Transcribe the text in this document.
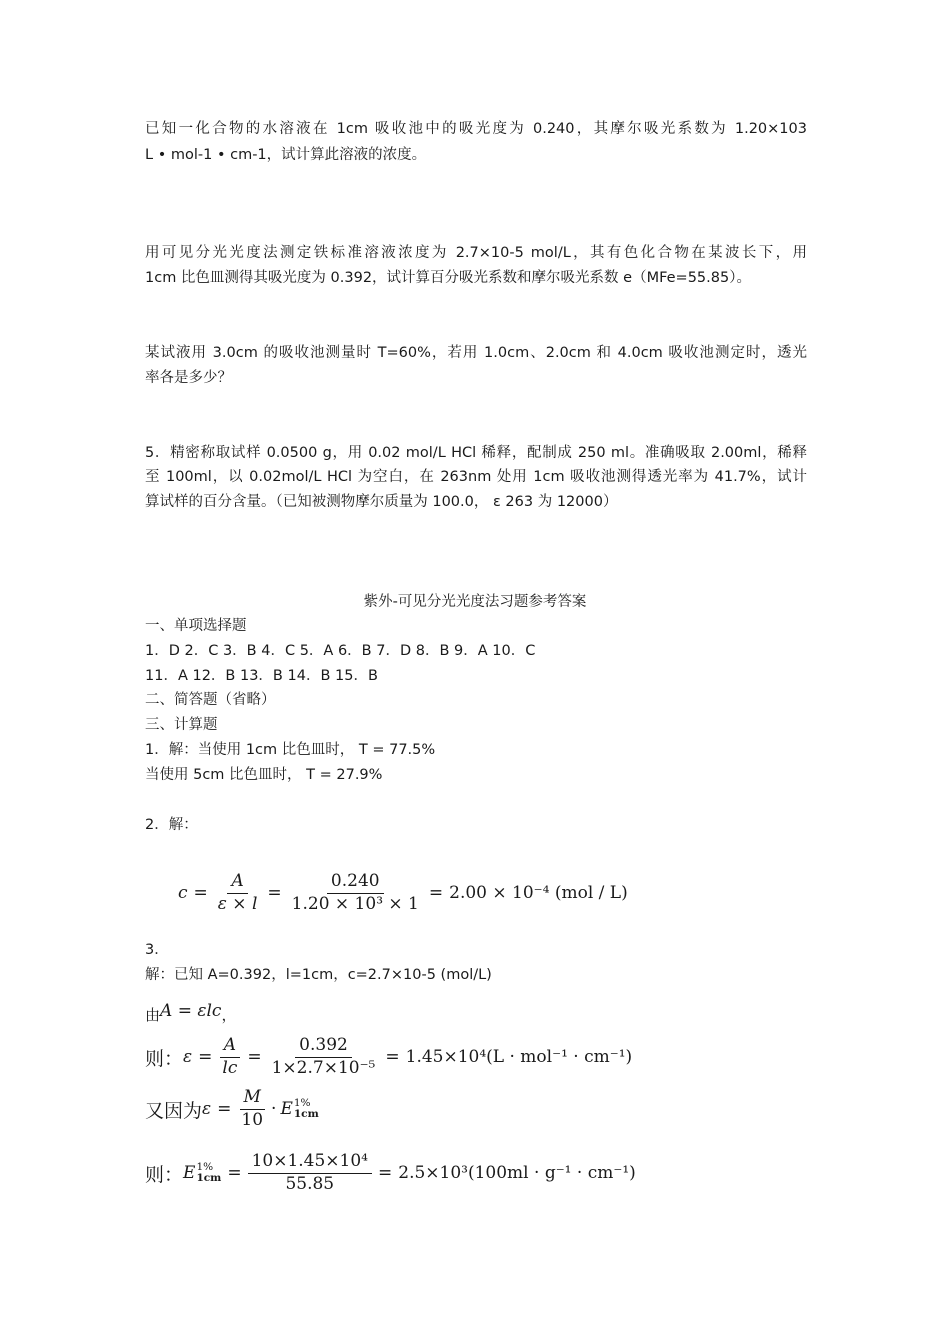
已知一化合物的水溶液在 1cm 吸收池中的吸光度为 0.240，其摩尔吸光系数为 1.20×103
L • mol-1 • cm-1，试计算此溶液的浓度。
用可见分光光度法测定铁标准溶液浓度为 2.7×10-5 mol/L，其有色化合物在某波长下，用
1cm 比色皿测得其吸光度为 0.392，试计算百分吸光系数和摩尔吸光系数 e（MFe=55.85）。
某试液用 3.0cm 的吸收池测量时 T=60%，若用 1.0cm、2.0cm 和 4.0cm 吸收池测定时，透光
率各是多少？
5．精密称取试样 0.0500 g，用 0.02 mol/L HCl 稀释，配制成 250 ml。准确吸取 2.00ml，稀释
至 100ml，以 0.02mol/L HCl 为空白，在 263nm 处用 1cm 吸收池测得透光率为 41.7%，试计
算试样的百分含量。（已知被测物摩尔质量为 100.0， ε 263 为 12000）
紫外-可见分光光度法习题参考答案
一、单项选择题
1．D 2．C 3．B 4．C 5．A 6．B 7．D 8．B 9．A 10．C
11．A 12．B 13．B 14．B 15．B
二、简答题（省略）
三、计算题
1．解：当使用 1cm 比色皿时， T = 77.5%
当使用 5cm 比色皿时， T = 27.9%
2．解：
$c = \frac{A}{\varepsilon \times l} = \frac{0.240}{\text{1.20 × 10³ × 1}} = 2.00 \times 10^{-4}$ (mol / L)
3．
解：已知 A=0.392，l=1cm，c=2.7×10-5 (mol/L)
由 A = εlc ，
则： $\varepsilon = \frac{A}{lc} = \frac{0.392}{\text{1×2.7×10⁻⁵}} = 1.45\times 10^4(L \cdot mol^{-1} \cdot cm^{-1})$
又因为 $\varepsilon = \frac{M}{10} \cdot E$ 1%
1cm
则： E 1%
$1cm = \frac{\text{10×1.45×10⁴}}{55.85} = 2.5\times 10^3(100ml \cdot g^{-1} \cdot cm^{-1})$
